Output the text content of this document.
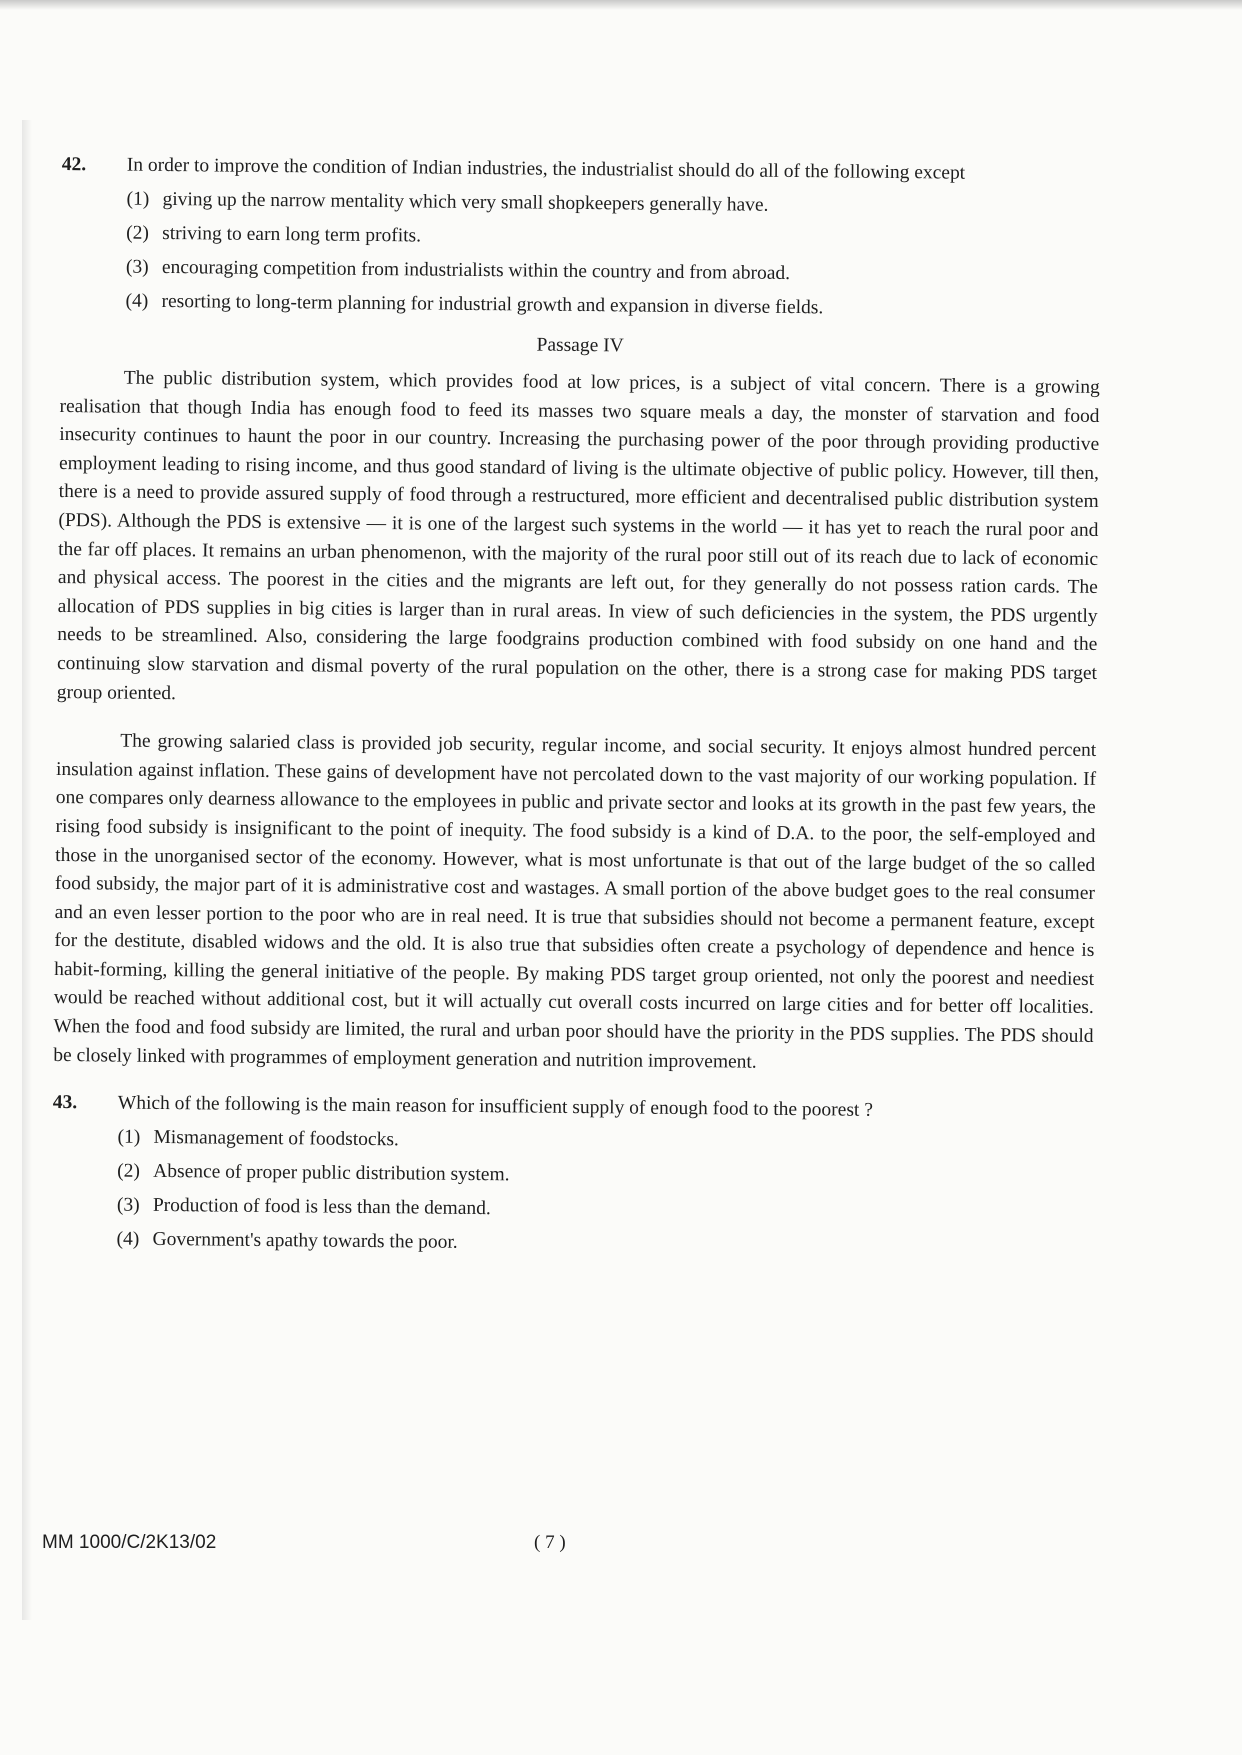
42.	In order to improve the condition of Indian industries, the industrialist should do all of the following except
(1) giving up the narrow mentality which very small shopkeepers generally have.
(2) striving to earn long term profits.
(3) encouraging competition from industrialists within the country and from abroad.
(4) resorting to long-term planning for industrial growth and expansion in diverse fields.
Passage IV

The public distribution system, which provides food at low prices, is a subject of vital concern. There is a growing realisation that though India has enough food to feed its masses two square meals a day, the monster of starvation and food insecurity continues to haunt the poor in our country. Increasing the purchasing power of the poor through providing productive employment leading to rising income, and thus good standard of living is the ultimate objective of public policy. However, till then, there is a need to provide assured supply of food through a restructured, more efficient and decentralised public distribution system (PDS). Although the PDS is extensive — it is one of the largest such systems in the world — it has yet to reach the rural poor and the far off places. It remains an urban phenomenon, with the majority of the rural poor still out of its reach due to lack of economic and physical access. The poorest in the cities and the migrants are left out, for they generally do not possess ration cards. The allocation of PDS supplies in big cities is larger than in rural areas. In view of such deficiencies in the system, the PDS urgently needs to be streamlined. Also, considering the large foodgrains production combined with food subsidy on one hand and the continuing slow starvation and dismal poverty of the rural population on the other, there is a strong case for making PDS target group oriented.

The growing salaried class is provided job security, regular income, and social security. It enjoys almost hundred percent insulation against inflation. These gains of development have not percolated down to the vast majority of our working population. If one compares only dearness allowance to the employees in public and private sector and looks at its growth in the past few years, the rising food subsidy is insignificant to the point of inequity. The food subsidy is a kind of D.A. to the poor, the self-employed and those in the unorganised sector of the economy. However, what is most unfortunate is that out of the large budget of the so called food subsidy, the major part of it is administrative cost and wastages. A small portion of the above budget goes to the real consumer and an even lesser portion to the poor who are in real need. It is true that subsidies should not become a permanent feature, except for the destitute, disabled widows and the old. It is also true that subsidies often create a psychology of dependence and hence is habit-forming, killing the general initiative of the people. By making PDS target group oriented, not only the poorest and neediest would be reached without additional cost, but it will actually cut overall costs incurred on large cities and for better off localities. When the food and food subsidy are limited, the rural and urban poor should have the priority in the PDS supplies. The PDS should be closely linked with programmes of employment generation and nutrition improvement.

43.	Which of the following is the main reason for insufficient supply of enough food to the poorest ?
(1) Mismanagement of foodstocks.
(2) Absence of proper public distribution system.
(3) Production of food is less than the demand.
(4) Government's apathy towards the poor.
MM 1000/C/2K13/02	( 7 )
